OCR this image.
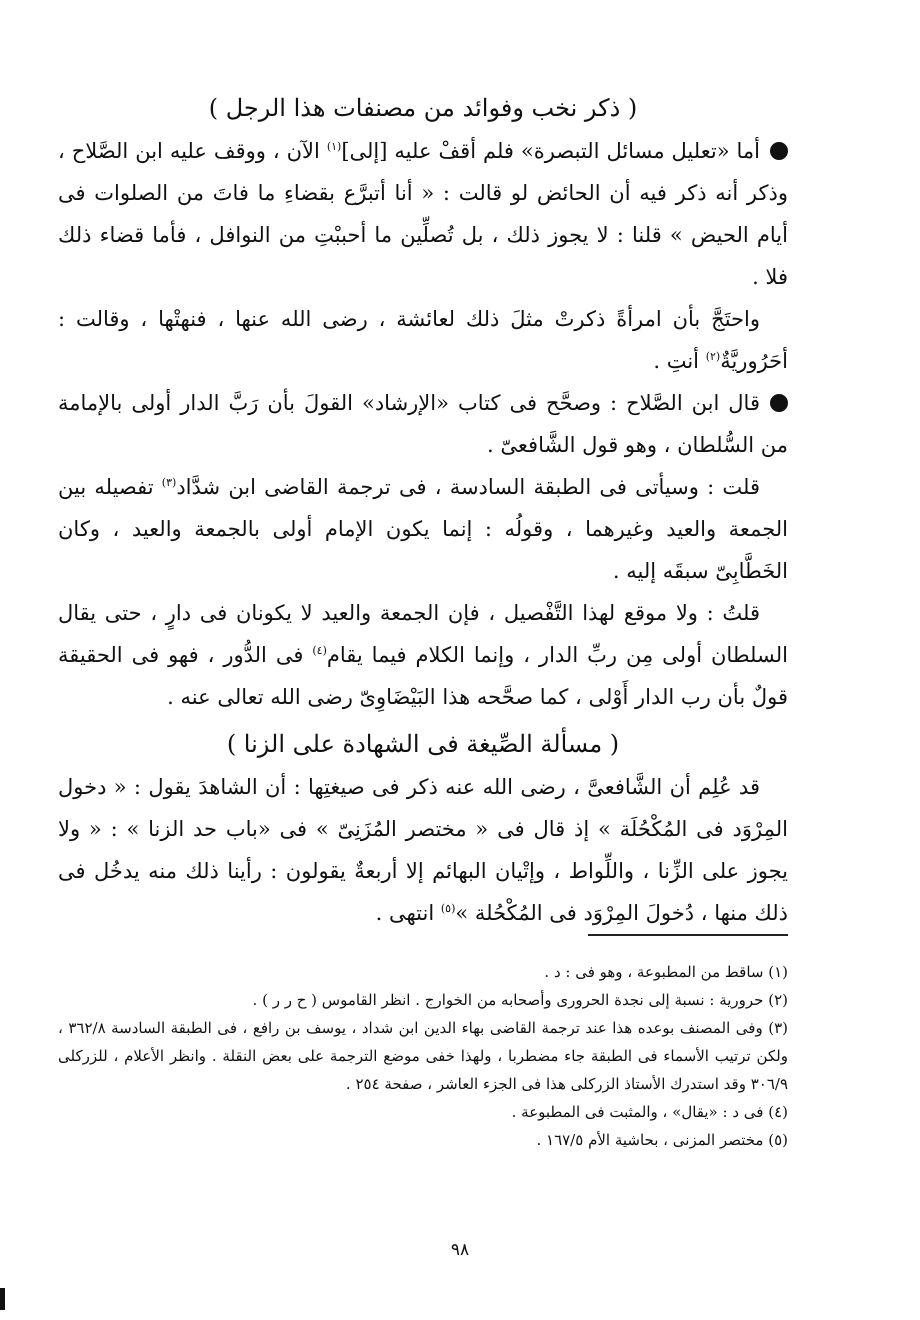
( ذكر نخب وفوائد من مصنفات هذا الرجل )

أما «تعليل مسائل التبصرة» فلم أقفْ عليه [إلى]$^{(١)}$ الآن ، ووقف عليه ابن الصَّلاح ، وذكر أنه ذكر فيه أن الحائض لو قالت : « أنا أتبرَّع بقضاءِ ما فاتَ من الصلوات فى أيام الحيض » قلنا : لا يجوز ذلك ، بل تُصلِّين ما أحببْتِ من النوافل ، فأما قضاء ذلك فلا .

واحتَجَّ بأن امرأةً ذكرتْ مثلَ ذلك لعائشة ، رضى الله عنها ، فنهتْها ، وقالت : أحَرُوريَّةٌ$^{(٢)}$ أنتِ .

قال ابن الصَّلاح : وصحَّح فى كتاب «الإرشاد» القولَ بأن رَبَّ الدار أولى بالإمامة من السُّلطان ، وهو قول الشَّافعىّ .

قلت : وسيأتى فى الطبقة السادسة ، فى ترجمة القاضى ابن شدَّاد$^{(٣)}$ تفصيله بين الجمعة والعيد وغيرهما ، وقولُه : إنما يكون الإمام أولى بالجمعة والعيد ، وكان الخَطَّابِىّ سبقَه إليه .

قلتُ : ولا موقع لهذا التَّفْصيل ، فإن الجمعة والعيد لا يكونان فى دارٍ ، حتى يقال السلطان أولى مِن ربِّ الدار ، وإنما الكلام فيما يقام$^{(٤)}$ فى الدُّور ، فهو فى الحقيقة قولٌ بأن رب الدار أَوْلى ، كما صحَّحه هذا البَيْضَاوِىّ رضى الله تعالى عنه .

( مسألة الصِّيغة فى الشهادة على الزنا )

قد عُلِم أن الشَّافعىَّ ، رضى الله عنه ذكر فى صيغتِها : أن الشاهدَ يقول : « دخول المِرْوَد فى المُكْحُلَة » إذ قال فى « مختصر المُزَنِىّ » فى «باب حد الزنا » : « ولا يجوز على الزِّنا ، واللِّواط ، وإتْيان البهائم إلا أربعةٌ يقولون : رأينا ذلك منه يدخُل فى ذلك منها ، دُخولَ المِرْوَد فى المُكْحُلة »$^{(٥)}$ انتهى .

(١) ساقط من المطبوعة ، وهو فى : د .

(٢) حرورية : نسبة إلى نجدة الحرورى وأصحابه من الخوارج . انظر القاموس ( ح ر ر ) .

(٣) وفى المصنف بوعده هذا عند ترجمة القاضى بهاء الدين ابن شداد ، يوسف بن رافع ، فى الطبقة السادسة ٣٦٢/٨ ، ولكن ترتيب الأسماء فى الطبقة جاء مضطربا ، ولهذا خفى موضع الترجمة على بعض النقلة . وانظر الأعلام ، للزركلى ٣٠٦/٩ وقد استدرك الأستاذ الزركلى هذا فى الجزء العاشر ، صفحة ٢٥٤ .

(٤) فى د : «يقال» ، والمثبت فى المطبوعة .

(٥) مختصر المزنى ، بحاشية الأم ١٦٧/٥ .

٩٨
